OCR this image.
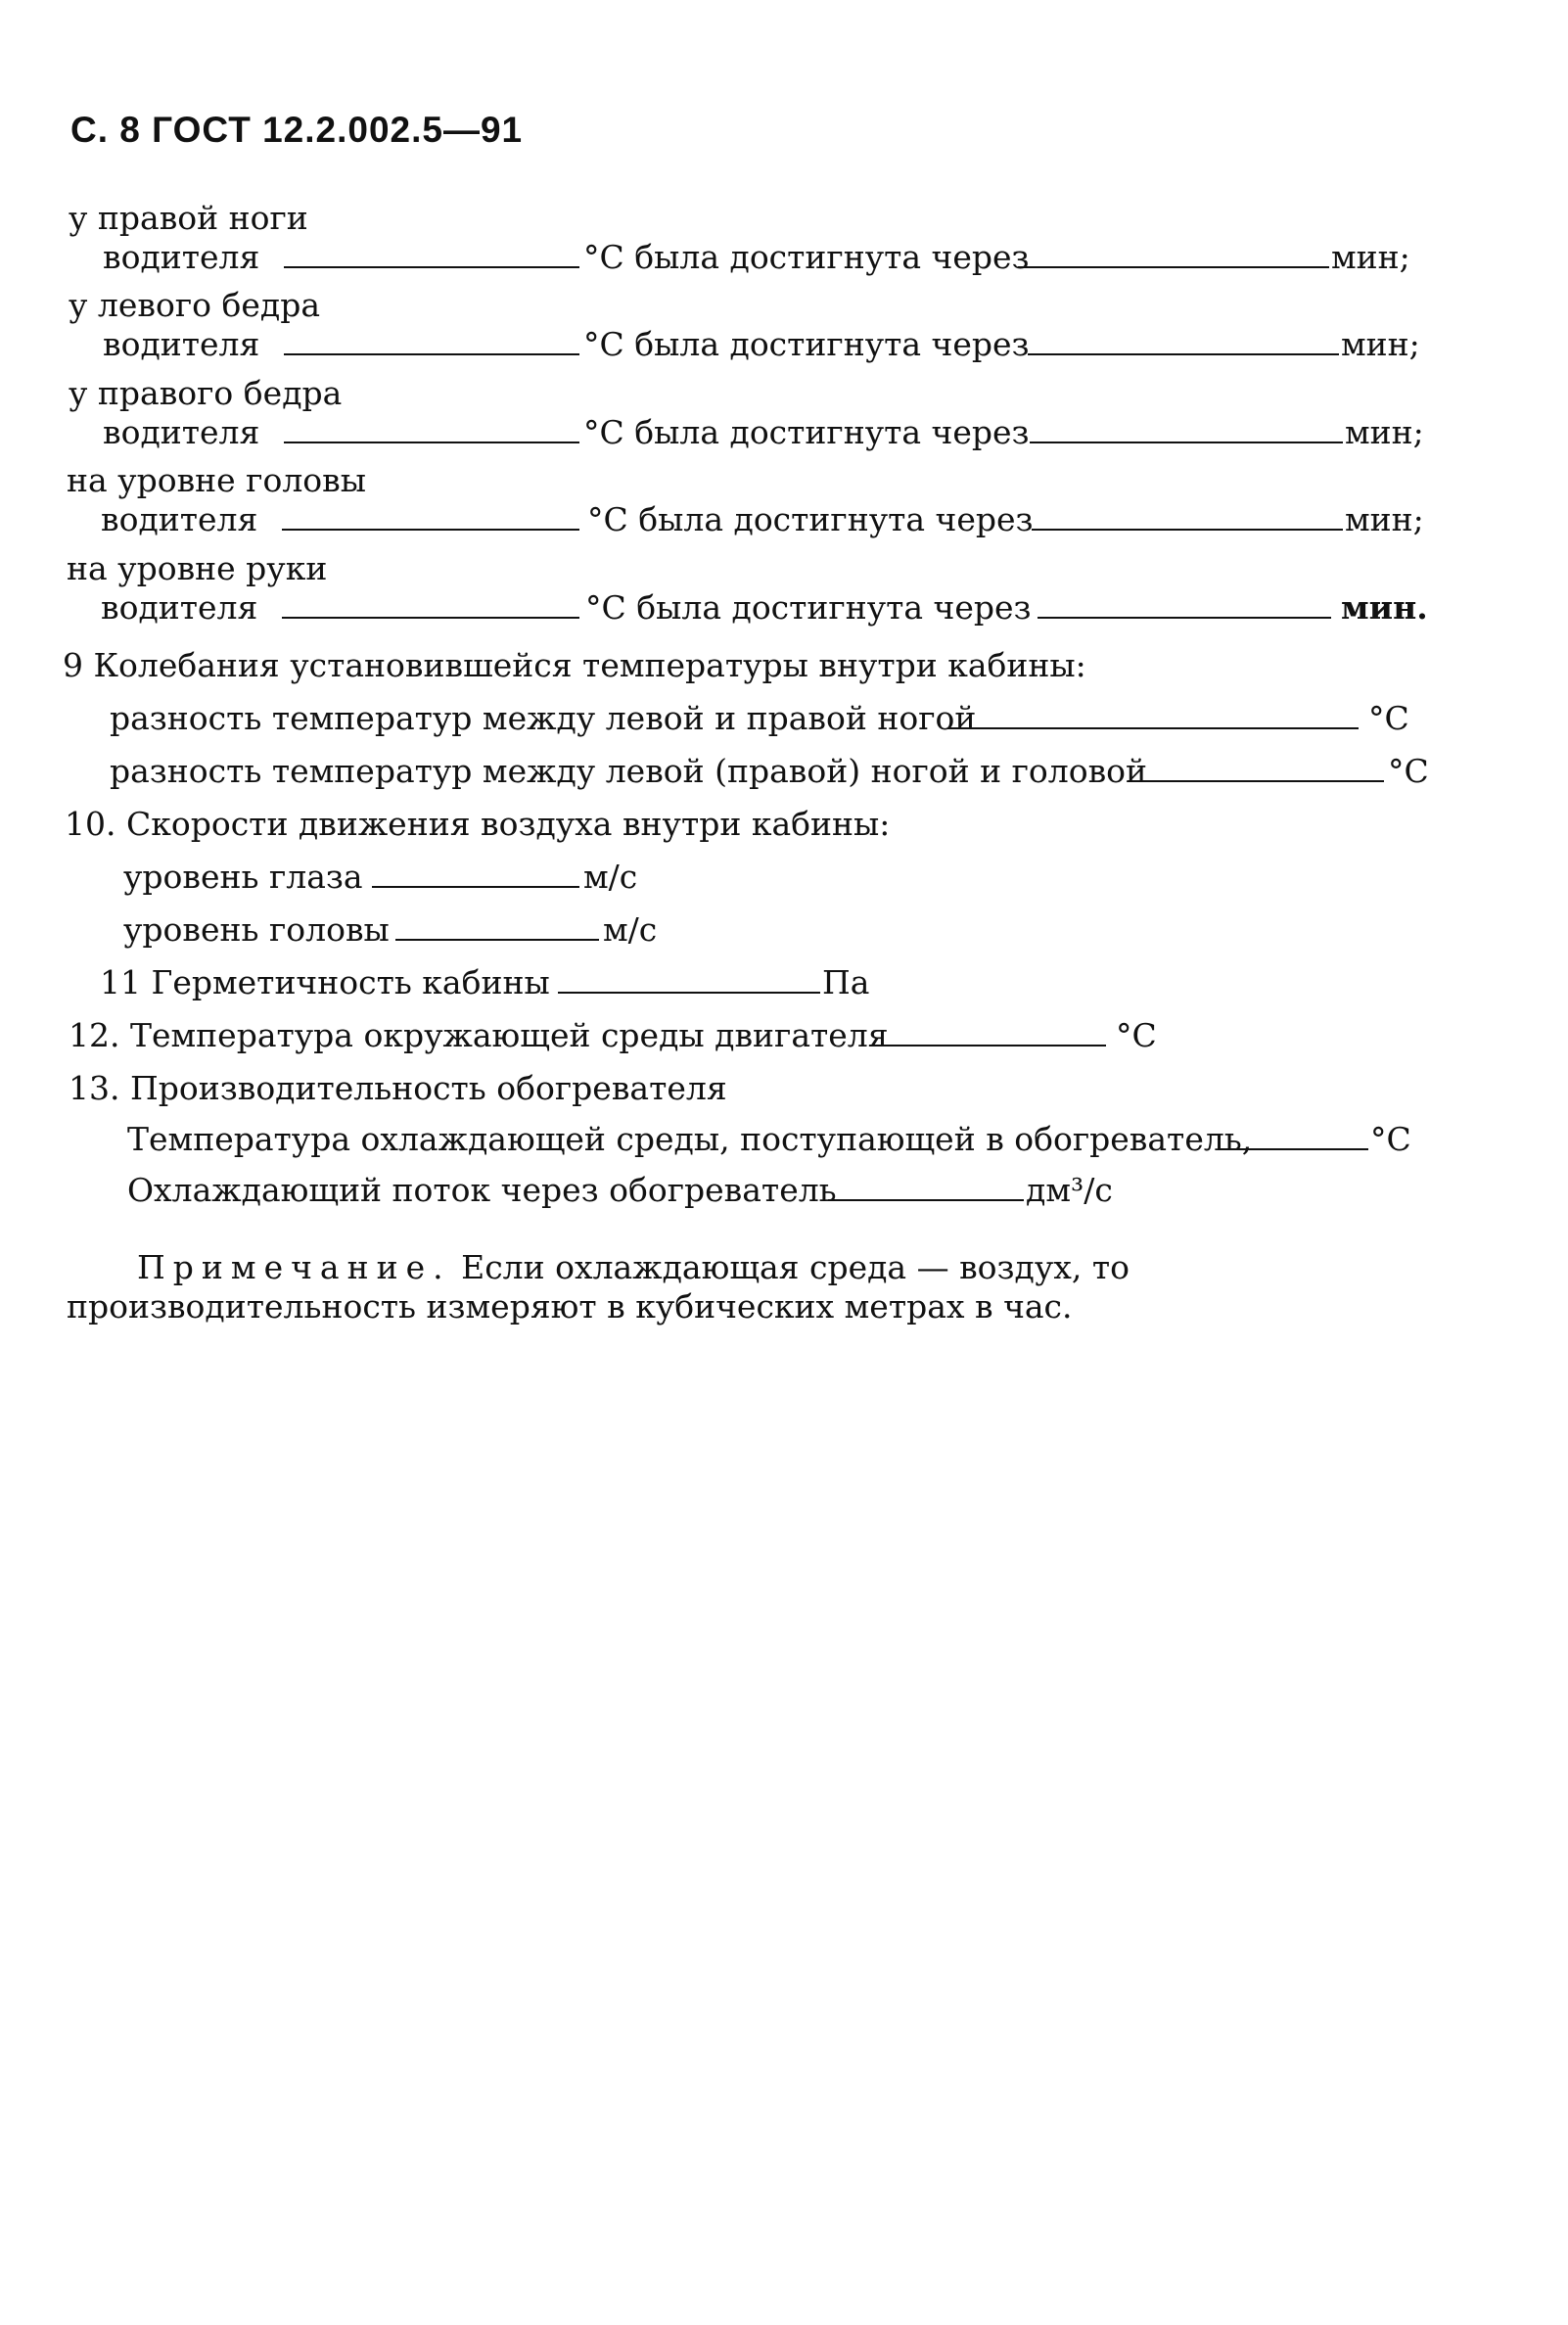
С. 8 ГОСТ 12.2.002.5—91
у правой ноги
водителя	°С была достигнута через	мин;
у левого бедра
водителя	°С была достигнута через	мин;
у правого бедра
водителя	°С была достигнута через	мин;
на уровне головы
водителя	°С была достигнута через	мин;
на уровне руки
водителя	°С была достигнута через	мин.
9 Колебания установившейся температуры внутри кабины:
разность температур между левой и правой ногой	°С
разность температур между левой (правой) ногой и головой	°С
10. Скорости движения воздуха внутри кабины:
уровень глаза	м/с
уровень головы	м/с
11 Герметичность кабины	Па
12. Температура окружающей среды двигателя	°С
13. Производительность обогревателя
Температура охлаждающей среды, поступающей в обогреватель,	°С
Охлаждающий поток через обогреватель	дм³/с
Примечание. Если охлаждающая среда — воздух, то производительность измеряют в кубических метрах в час.
